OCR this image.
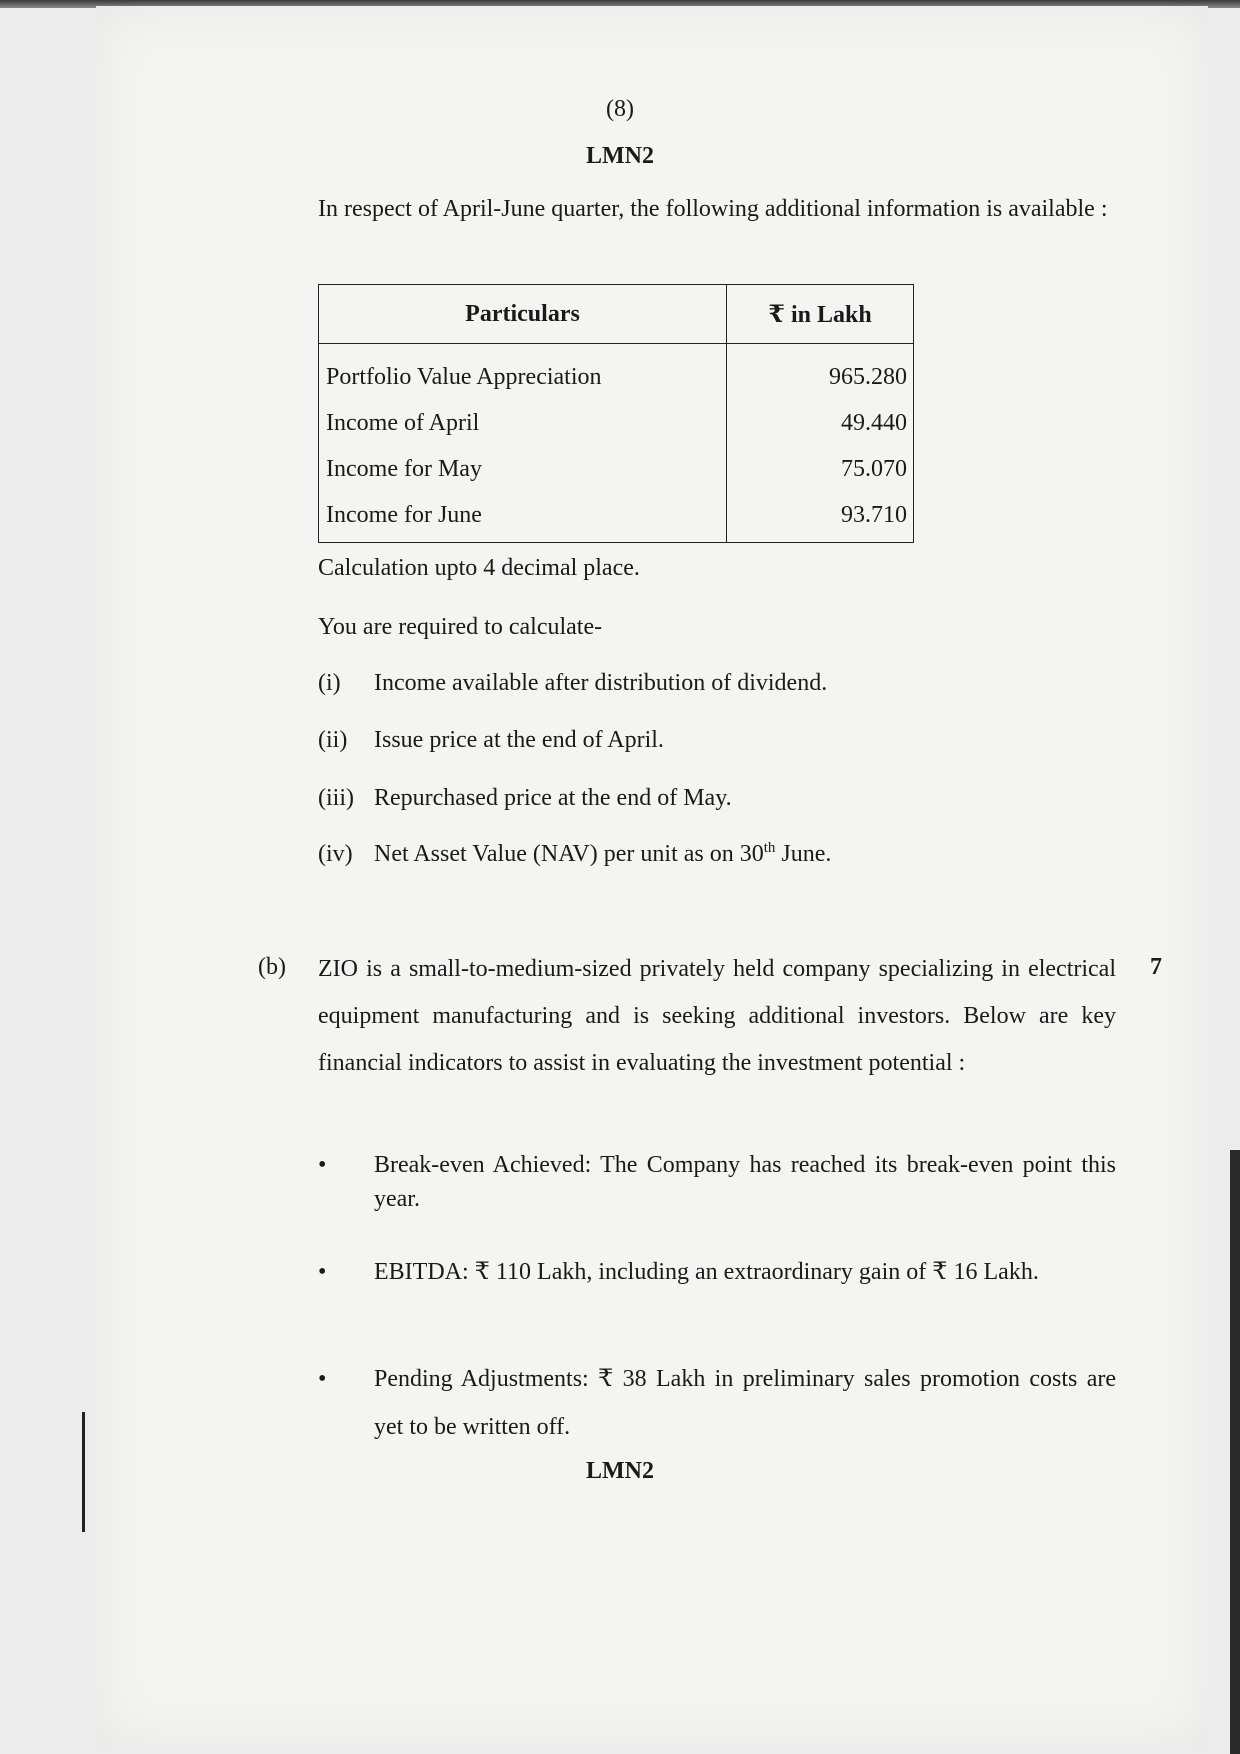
(8)
LMN2
In respect of April-June quarter, the following additional information is available :
Particulars	₹ in Lakh
Portfolio Value Appreciation	965.280
Income of April	49.440
Income for May	75.070
Income for June	93.710
Calculation upto 4 decimal place.
You are required to calculate-
(i) Income available after distribution of dividend.
(ii) Issue price at the end of April.
(iii) Repurchased price at the end of May.
(iv) Net Asset Value (NAV) per unit as on 30th June.
(b)	7
ZIO is a small-to-medium-sized privately held company specializing in electrical equipment manufacturing and is seeking additional investors. Below are key financial indicators to assist in evaluating the investment potential :
• Break-even Achieved: The Company has reached its break-even point this year.
• EBITDA: ₹ 110 Lakh, including an extraordinary gain of ₹ 16 Lakh.
• Pending Adjustments: ₹ 38 Lakh in preliminary sales promotion costs are yet to be written off.
LMN2
